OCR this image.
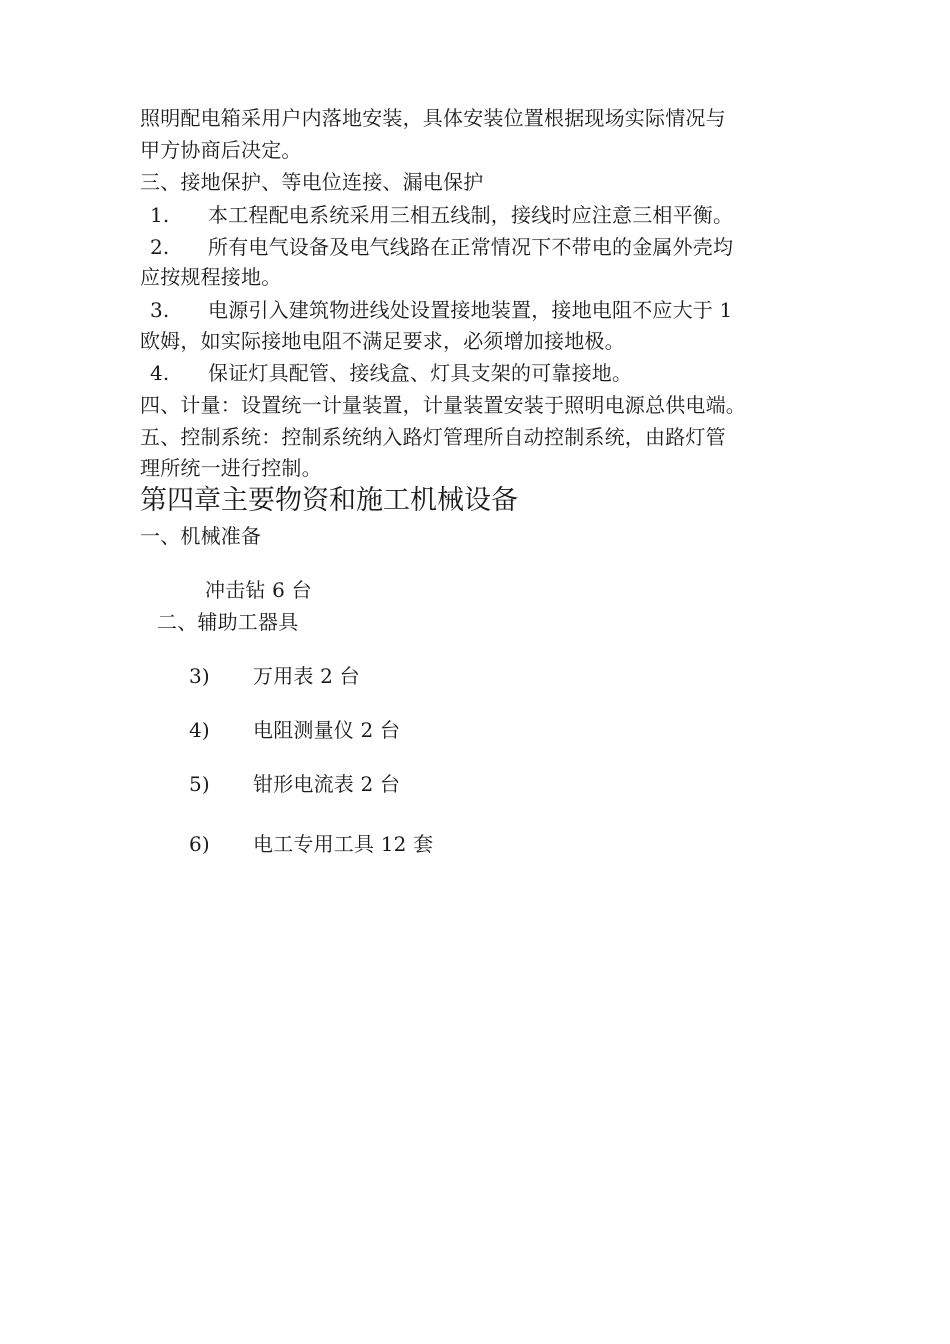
照明配电箱采用户内落地安装，具体安装位置根据现场实际情况与
甲方协商后决定。
三、接地保护、等电位连接、漏电保护
1. 本工程配电系统采用三相五线制，接线时应注意三相平衡。
2. 所有电气设备及电气线路在正常情况下不带电的金属外壳均
应按规程接地。
3. 电源引入建筑物进线处设置接地装置，接地电阻不应大于 1
欧姆，如实际接地电阻不满足要求，必须增加接地极。
4. 保证灯具配管、接线盒、灯具支架的可靠接地。
四、计量：设置统一计量装置，计量装置安装于照明电源总供电端。
五、控制系统：控制系统纳入路灯管理所自动控制系统，由路灯管
理所统一进行控制。
第四章主要物资和施工机械设备
一、机械准备
冲击钻 6 台
二、辅助工器具
3) 万用表 2 台
4) 电阻测量仪 2 台
5) 钳形电流表 2 台
6) 电工专用工具 12 套
